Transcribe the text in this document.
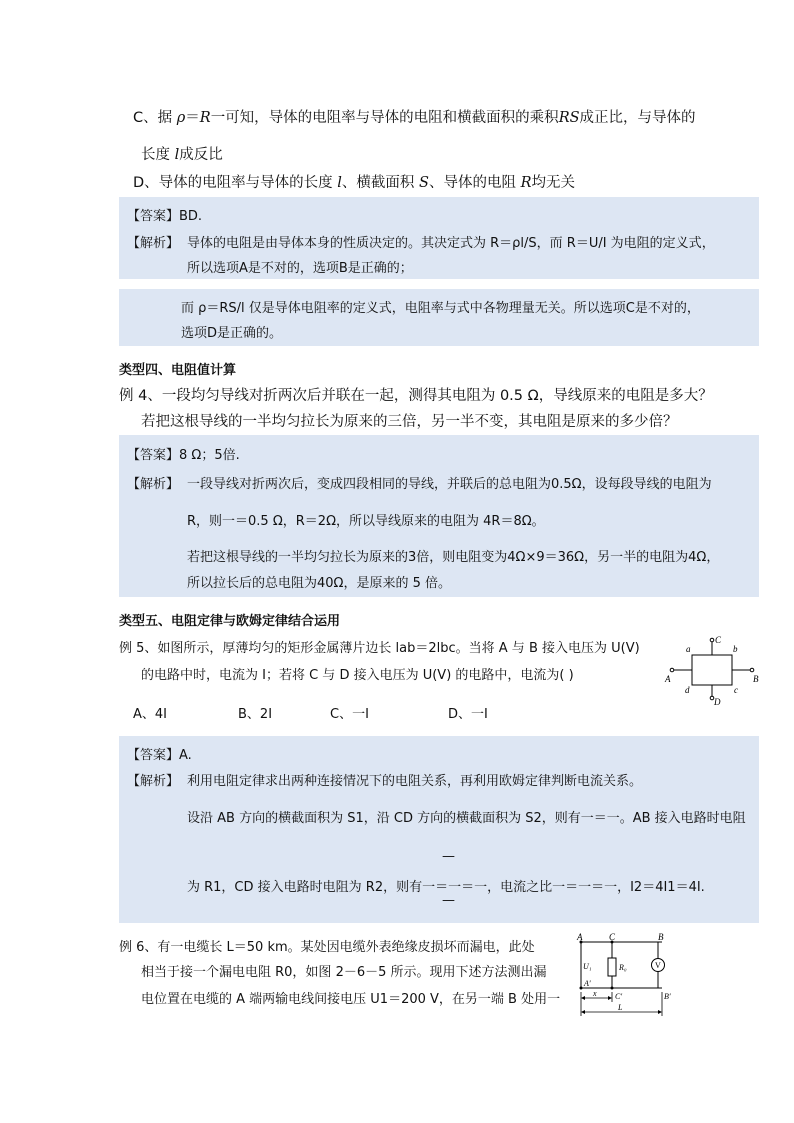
C、据 ρ＝R一可知，导体的电阻率与导体的电阻和横截面积的乘积RS成正比，与导体的
长度 l成反比
D、导体的电阻率与导体的长度 l、横截面积 S、导体的电阻 R均无关
【答案】BD.
【解析】 导体的电阻是由导体本身的性质决定的。其决定式为 R＝ρl/S，而 R＝U/I 为电阻的定义式，
所以选项A是不对的，选项B是正确的；
而 ρ＝RS/l 仅是导体电阻率的定义式，电阻率与式中各物理量无关。所以选项C是不对的，
选项D是正确的。
类型四、电阻值计算
例 4、一段均匀导线对折两次后并联在一起，测得其电阻为 0.5 Ω，导线原来的电阻是多大？
若把这根导线的一半均匀拉长为原来的三倍，另一半不变，其电阻是原来的多少倍？
【答案】8 Ω；5倍.
【解析】 一段导线对折两次后，变成四段相同的导线，并联后的总电阻为0.5Ω，设每段导线的电阻为
R，则一＝0.5 Ω，R＝2Ω，所以导线原来的电阻为 4R＝8Ω。
若把这根导线的一半均匀拉长为原来的3倍，则电阻变为4Ω×9＝36Ω，另一半的电阻为4Ω，
所以拉长后的总电阻为40Ω，是原来的 5 倍。
类型五、电阻定律与欧姆定律结合运用
例 5、如图所示，厚薄均匀的矩形金属薄片边长 lab＝2lbc。当将 A 与 B 接入电压为 U(V)
的电路中时，电流为 I；若将 C 与 D 接入电压为 U(V) 的电路中，电流为( )
A、4I	B、2I	C、一I	D、一I
a	b
c
d
A	B
C
D
【答案】A.
【解析】 利用电阻定律求出两种连接情况下的电阻关系，再利用欧姆定律判断电流关系。
设沿 AB 方向的横截面积为 S1，沿 CD 方向的横截面积为 S2，则有一＝一。AB 接入电路时电阻
—
为 R1，CD 接入电路时电阻为 R2，则有一＝一＝一，电流之比一＝一＝一，I2＝4I1＝4I.
—
例 6、有一电缆长 L＝50 km。某处因电缆外表绝缘皮损坏而漏电，此处
相当于接一个漏电电阻 R0，如图 2－6－5 所示。现用下述方法测出漏
电位置在电缆的 A 端两输电线间接电压 U1＝200 V，在另一端 B 处用一
A	C	B
U₁	R₀	V
A′
C′	B′
x
L
